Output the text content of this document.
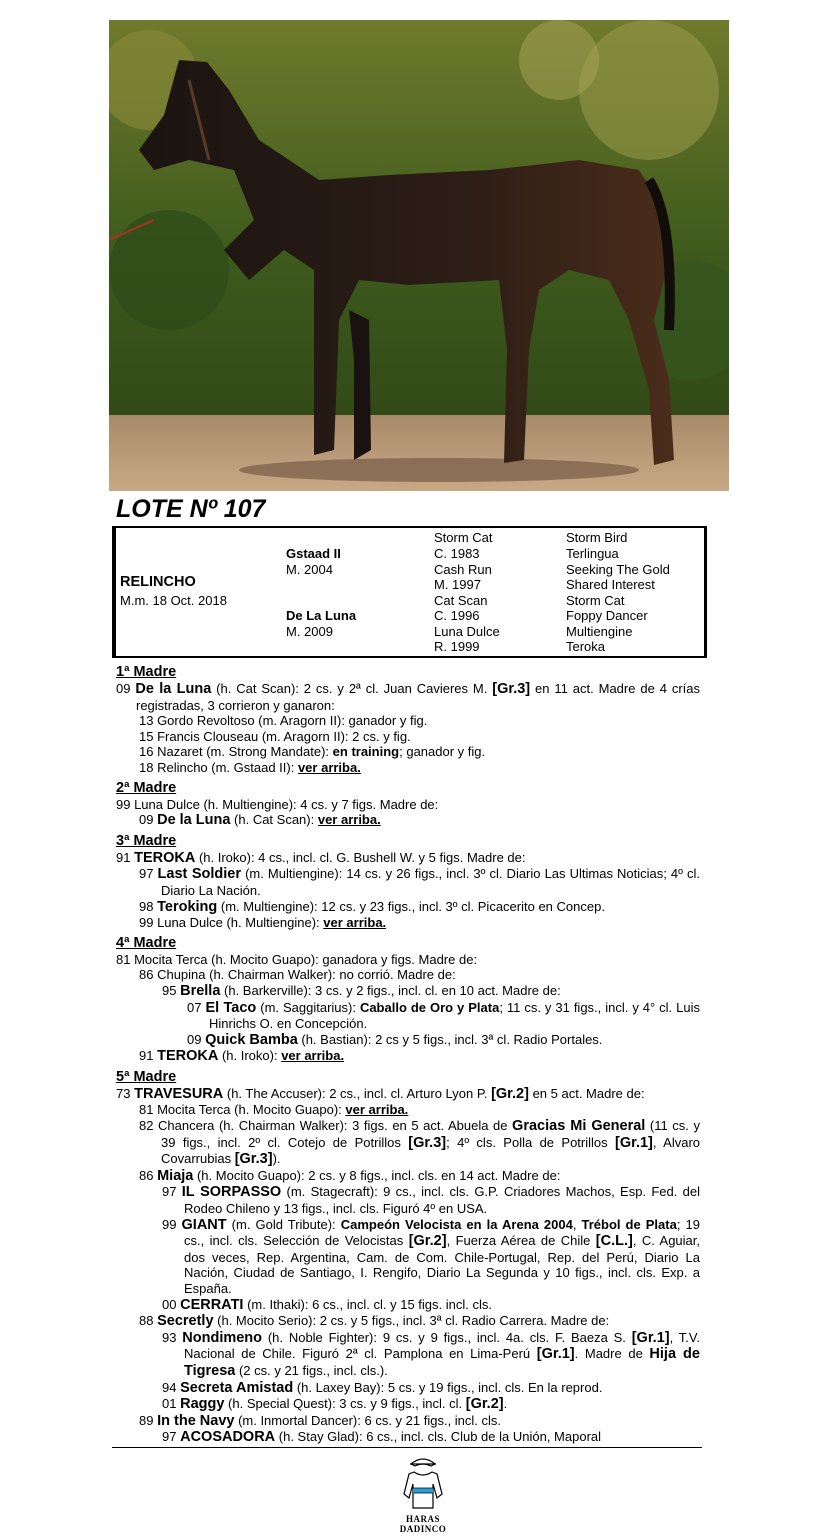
LOTE Nº 107
RELINCHO
M.m. 18 Oct. 2018
Gstaad II
M. 2004
De La Luna
M. 2009
Storm Cat
C. 1983
Cash Run
M. 1997
Cat Scan
C. 1996
Luna Dulce
R. 1999
Storm Bird
Terlingua
Seeking The Gold
Shared Interest
Storm Cat
Foppy Dancer
Multiengine
Teroka

1ª Madre

09 De la Luna (h. Cat Scan): 2 cs. y 2ª cl. Juan Cavieres M. [Gr.3] en 11 act. Madre de 4 crías registradas, 3 corrieron y ganaron:

13 Gordo Revoltoso (m. Aragorn II): ganador y fig.

15 Francis Clouseau (m. Aragorn II): 2 cs. y fig.

16 Nazaret (m. Strong Mandate): en training; ganador y fig.

18 Relincho (m. Gstaad II): ver arriba.

2ª Madre

99 Luna Dulce (h. Multiengine): 4 cs. y 7 figs. Madre de:

09 De la Luna (h. Cat Scan): ver arriba.

3ª Madre

91 TEROKA (h. Iroko): 4 cs., incl. cl. G. Bushell W. y 5 figs. Madre de:

97 Last Soldier (m. Multiengine): 14 cs. y 26 figs., incl. 3º cl. Diario Las Ultimas Noticias; 4º cl. Diario La Nación.

98 Teroking (m. Multiengine): 12 cs. y 23 figs., incl. 3º cl. Picacerito en Concep.

99 Luna Dulce (h. Multiengine): ver arriba.

4ª Madre

81 Mocita Terca (h. Mocito Guapo): ganadora y figs. Madre de:

86 Chupina (h. Chairman Walker): no corrió. Madre de:

95 Brella (h. Barkerville): 3 cs. y 2 figs., incl. cl. en 10 act. Madre de:

07 El Taco (m. Saggitarius): Caballo de Oro y Plata; 11 cs. y 31 figs., incl. y 4° cl. Luis Hinrichs O. en Concepción.

09 Quick Bamba (h. Bastian): 2 cs y 5 figs., incl. 3ª cl. Radio Portales.

91 TEROKA (h. Iroko): ver arriba.

5ª Madre

73 TRAVESURA (h. The Accuser): 2 cs., incl. cl. Arturo Lyon P. [Gr.2] en 5 act. Madre de:

81 Mocita Terca (h. Mocito Guapo): ver arriba.

82 Chancera (h. Chairman Walker): 3 figs. en 5 act. Abuela de Gracias Mi General (11 cs. y 39 figs., incl. 2º cl. Cotejo de Potrillos [Gr.3]; 4º cls. Polla de Potrillos [Gr.1], Alvaro Covarrubias [Gr.3]).

86 Miaja (h. Mocito Guapo): 2 cs. y 8 figs., incl. cls. en 14 act. Madre de:

97 IL SORPASSO (m. Stagecraft): 9 cs., incl. cls. G.P. Criadores Machos, Esp. Fed. del Rodeo Chileno y 13 figs., incl. cls. Figuró 4º en USA.

99 GIANT (m. Gold Tribute): Campeón Velocista en la Arena 2004, Trébol de Plata; 19 cs., incl. cls. Selección de Velocistas [Gr.2], Fuerza Aérea de Chile [C.L.], C. Aguiar, dos veces, Rep. Argentina, Cam. de Com. Chile-Portugal, Rep. del Perú, Diario La Nación, Ciudad de Santiago, I. Rengifo, Diario La Segunda y 10 figs., incl. cls. Exp. a España.

00 CERRATI (m. Ithaki): 6 cs., incl. cl. y 15 figs. incl. cls.

88 Secretly (h. Mocito Serio): 2 cs. y 5 figs., incl. 3ª cl. Radio Carrera. Madre de:

93 Nondimeno (h. Noble Fighter): 9 cs. y 9 figs., incl. 4a. cls. F. Baeza S. [Gr.1], T.V. Nacional de Chile. Figuró 2ª cl. Pamplona en Lima-Perú [Gr.1]. Madre de Hija de Tigresa (2 cs. y 21 figs., incl. cls.).

94 Secreta Amistad (h. Laxey Bay): 5 cs. y 19 figs., incl. cls. En la reprod.

01 Raggy (h. Special Quest): 3 cs. y 9 figs., incl. cl. [Gr.2].

89 In the Navy (m. Inmortal Dancer): 6 cs. y 21 figs., incl. cls.

97 ACOSADORA (h. Stay Glad): 6 cs., incl. cls. Club de la Unión, Maporal

HARAS DADINCO
